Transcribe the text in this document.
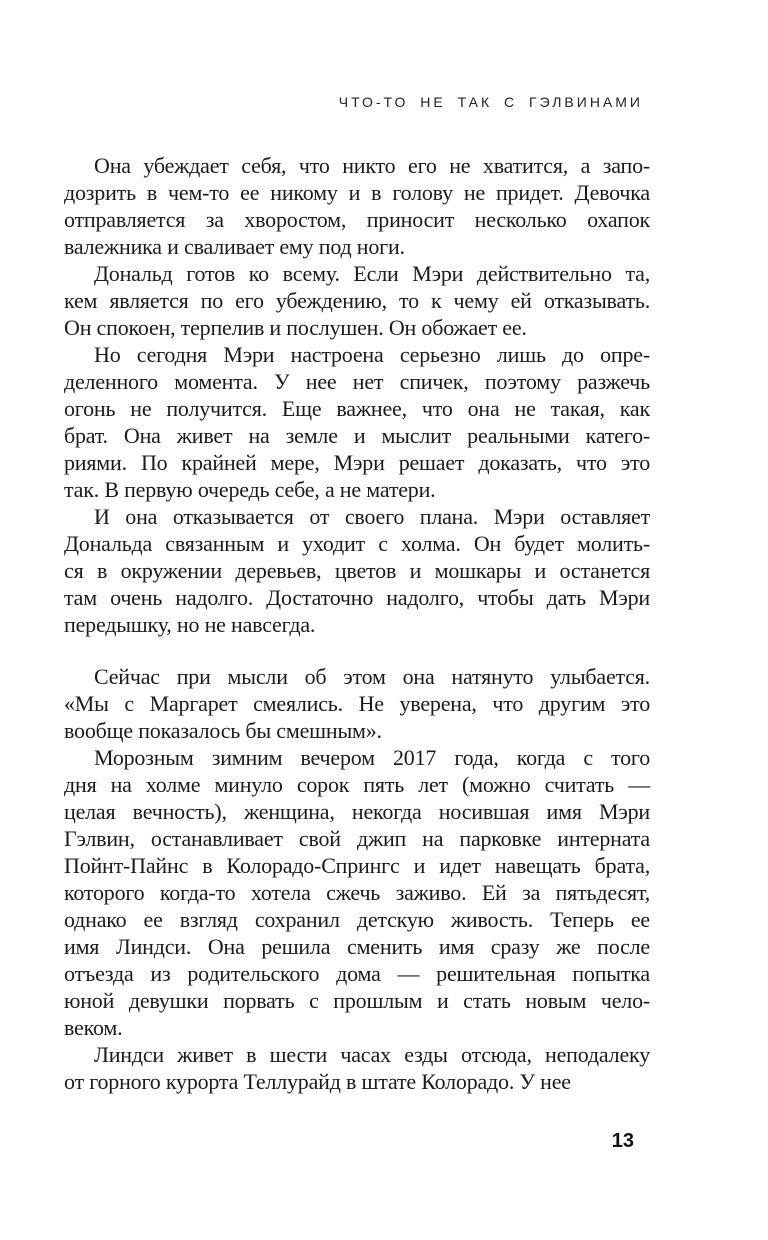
ЧТО-ТО НЕ ТАК С ГЭЛВИНАМИ
Она убеждает себя, что никто его не хватится, а запо-
дозрить в чем-то ее никому и в голову не придет. Девочка
отправляется за хворостом, приносит несколько охапок
валежника и сваливает ему под ноги.
Дональд готов ко всему. Если Мэри действительно та,
кем является по его убеждению, то к чему ей отказывать.
Он спокоен, терпелив и послушен. Он обожает ее.
Но сегодня Мэри настроена серьезно лишь до опре-
деленного момента. У нее нет спичек, поэтому разжечь
огонь не получится. Еще важнее, что она не такая, как
брат. Она живет на земле и мыслит реальными катего-
риями. По крайней мере, Мэри решает доказать, что это
так. В первую очередь себе, а не матери.
И она отказывается от своего плана. Мэри оставляет
Дональда связанным и уходит с холма. Он будет молить-
ся в окружении деревьев, цветов и мошкары и останется
там очень надолго. Достаточно надолго, чтобы дать Мэри
передышку, но не навсегда.
Сейчас при мысли об этом она натянуто улыбается.
«Мы с Маргарет смеялись. Не уверена, что другим это
вообще показалось бы смешным».
Морозным зимним вечером 2017 года, когда с того
дня на холме минуло сорок пять лет (можно считать —
целая вечность), женщина, некогда носившая имя Мэри
Гэлвин, останавливает свой джип на парковке интерната
Пойнт-Пайнс в Колорадо-Спрингс и идет навещать брата,
которого когда-то хотела сжечь заживо. Ей за пятьдесят,
однако ее взгляд сохранил детскую живость. Теперь ее
имя Линдси. Она решила сменить имя сразу же после
отъезда из родительского дома — решительная попытка
юной девушки порвать с прошлым и стать новым чело-
веком.
Линдси живет в шести часах езды отсюда, неподалеку
от горного курорта Теллурайд в штате Колорадо. У нее
13
